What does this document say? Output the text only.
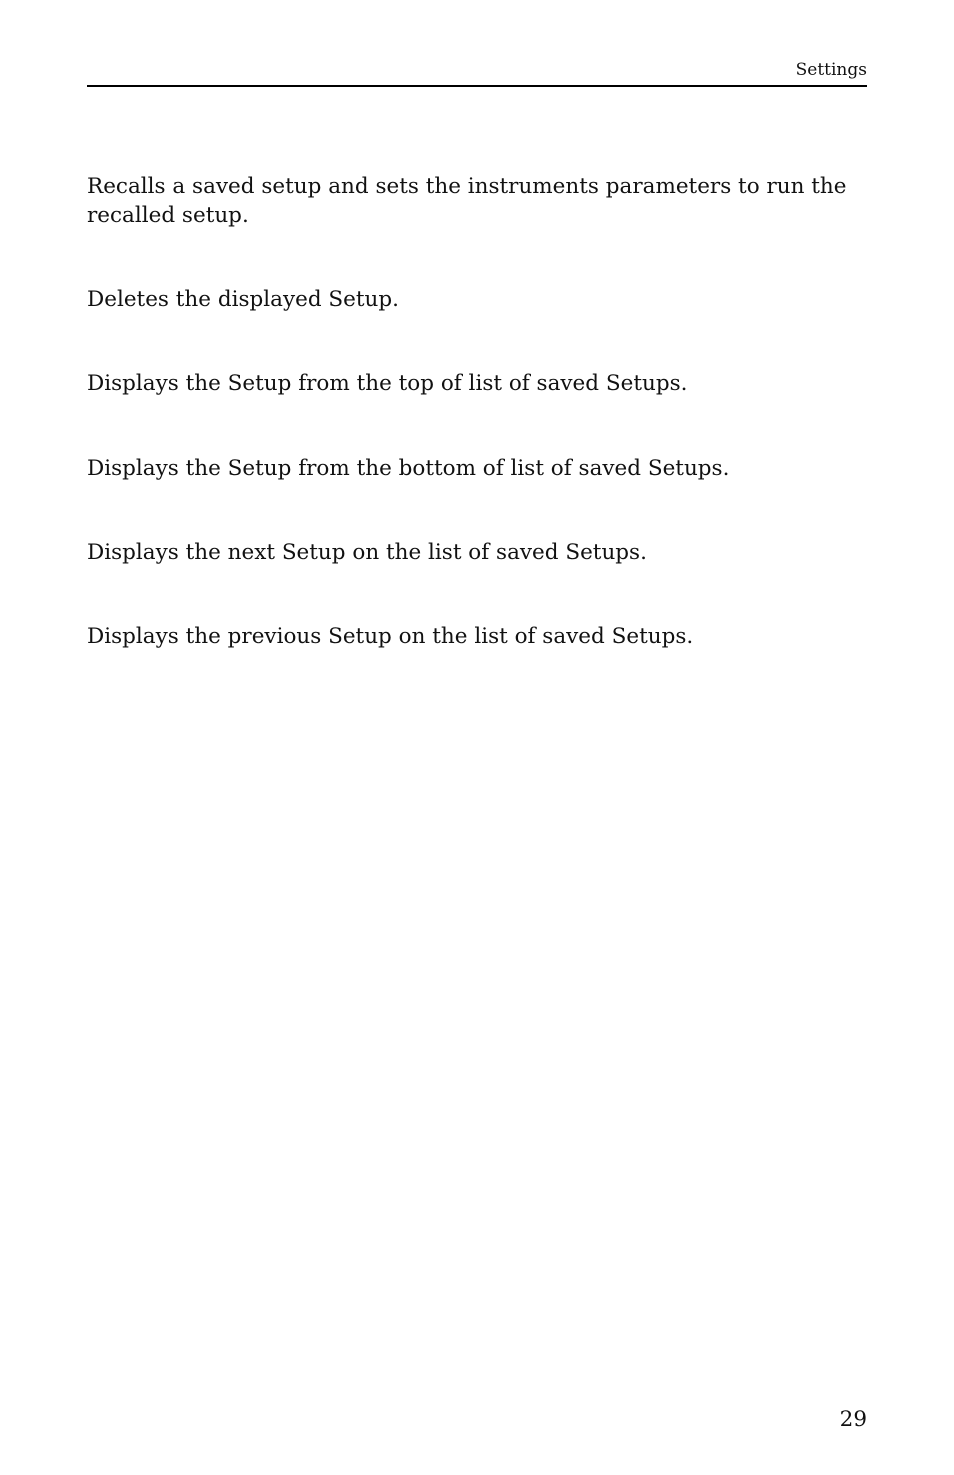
Settings

Recalls a saved setup and sets the instruments parameters to run the recalled setup.

Deletes the displayed Setup.

Displays the Setup from the top of list of saved Setups.

Displays the Setup from the bottom of list of saved Setups.

Displays the next Setup on the list of saved Setups.

Displays the previous Setup on the list of saved Setups.

29
